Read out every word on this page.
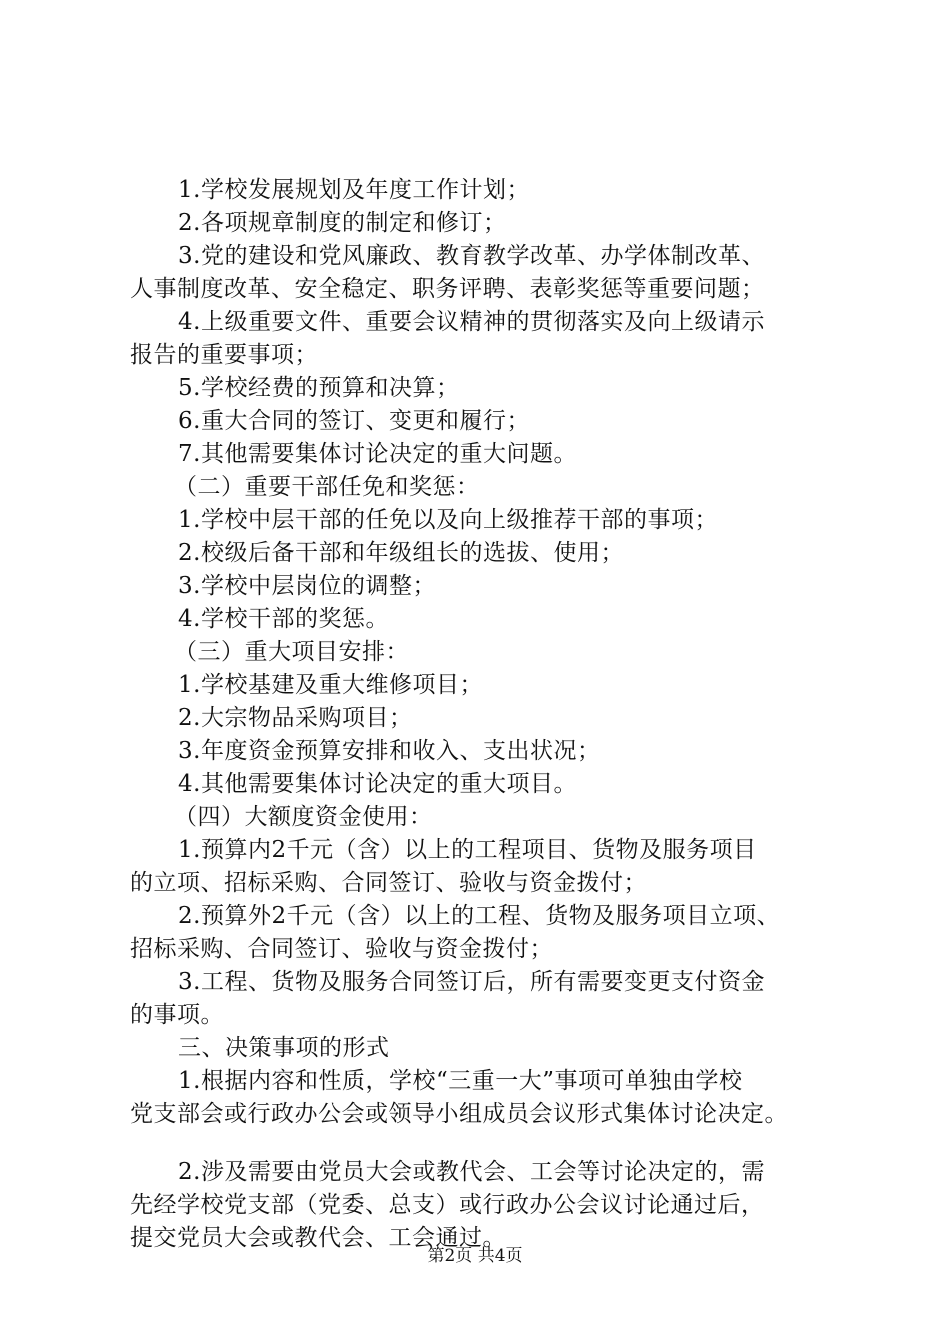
1.学校发展规划及年度工作计划；
2.各项规章制度的制定和修订；
3.党的建设和党风廉政、教育教学改革、办学体制改革、
人事制度改革、安全稳定、职务评聘、表彰奖惩等重要问题；
4.上级重要文件、重要会议精神的贯彻落实及向上级请示
报告的重要事项；
5.学校经费的预算和决算；
6.重大合同的签订、变更和履行；
7.其他需要集体讨论决定的重大问题。
（二）重要干部任免和奖惩：
1.学校中层干部的任免以及向上级推荐干部的事项；
2.校级后备干部和年级组长的选拔、使用；
3.学校中层岗位的调整；
4.学校干部的奖惩。
（三）重大项目安排：
1.学校基建及重大维修项目；
2.大宗物品采购项目；
3.年度资金预算安排和收入、支出状况；
4.其他需要集体讨论决定的重大项目。
（四）大额度资金使用：
1.预算内2千元（含）以上的工程项目、货物及服务项目
的立项、招标采购、合同签订、验收与资金拨付；
2.预算外2千元（含）以上的工程、货物及服务项目立项、
招标采购、合同签订、验收与资金拨付；
3.工程、货物及服务合同签订后，所有需要变更支付资金
的事项。
三、决策事项的形式
1.根据内容和性质，学校“三重一大”事项可单独由学校
党支部会或行政办公会或领导小组成员会议形式集体讨论决定。
2.涉及需要由党员大会或教代会、工会等讨论决定的，需
先经学校党支部（党委、总支）或行政办公会议讨论通过后，
提交党员大会或教代会、工会通过。
第2页 共4页
